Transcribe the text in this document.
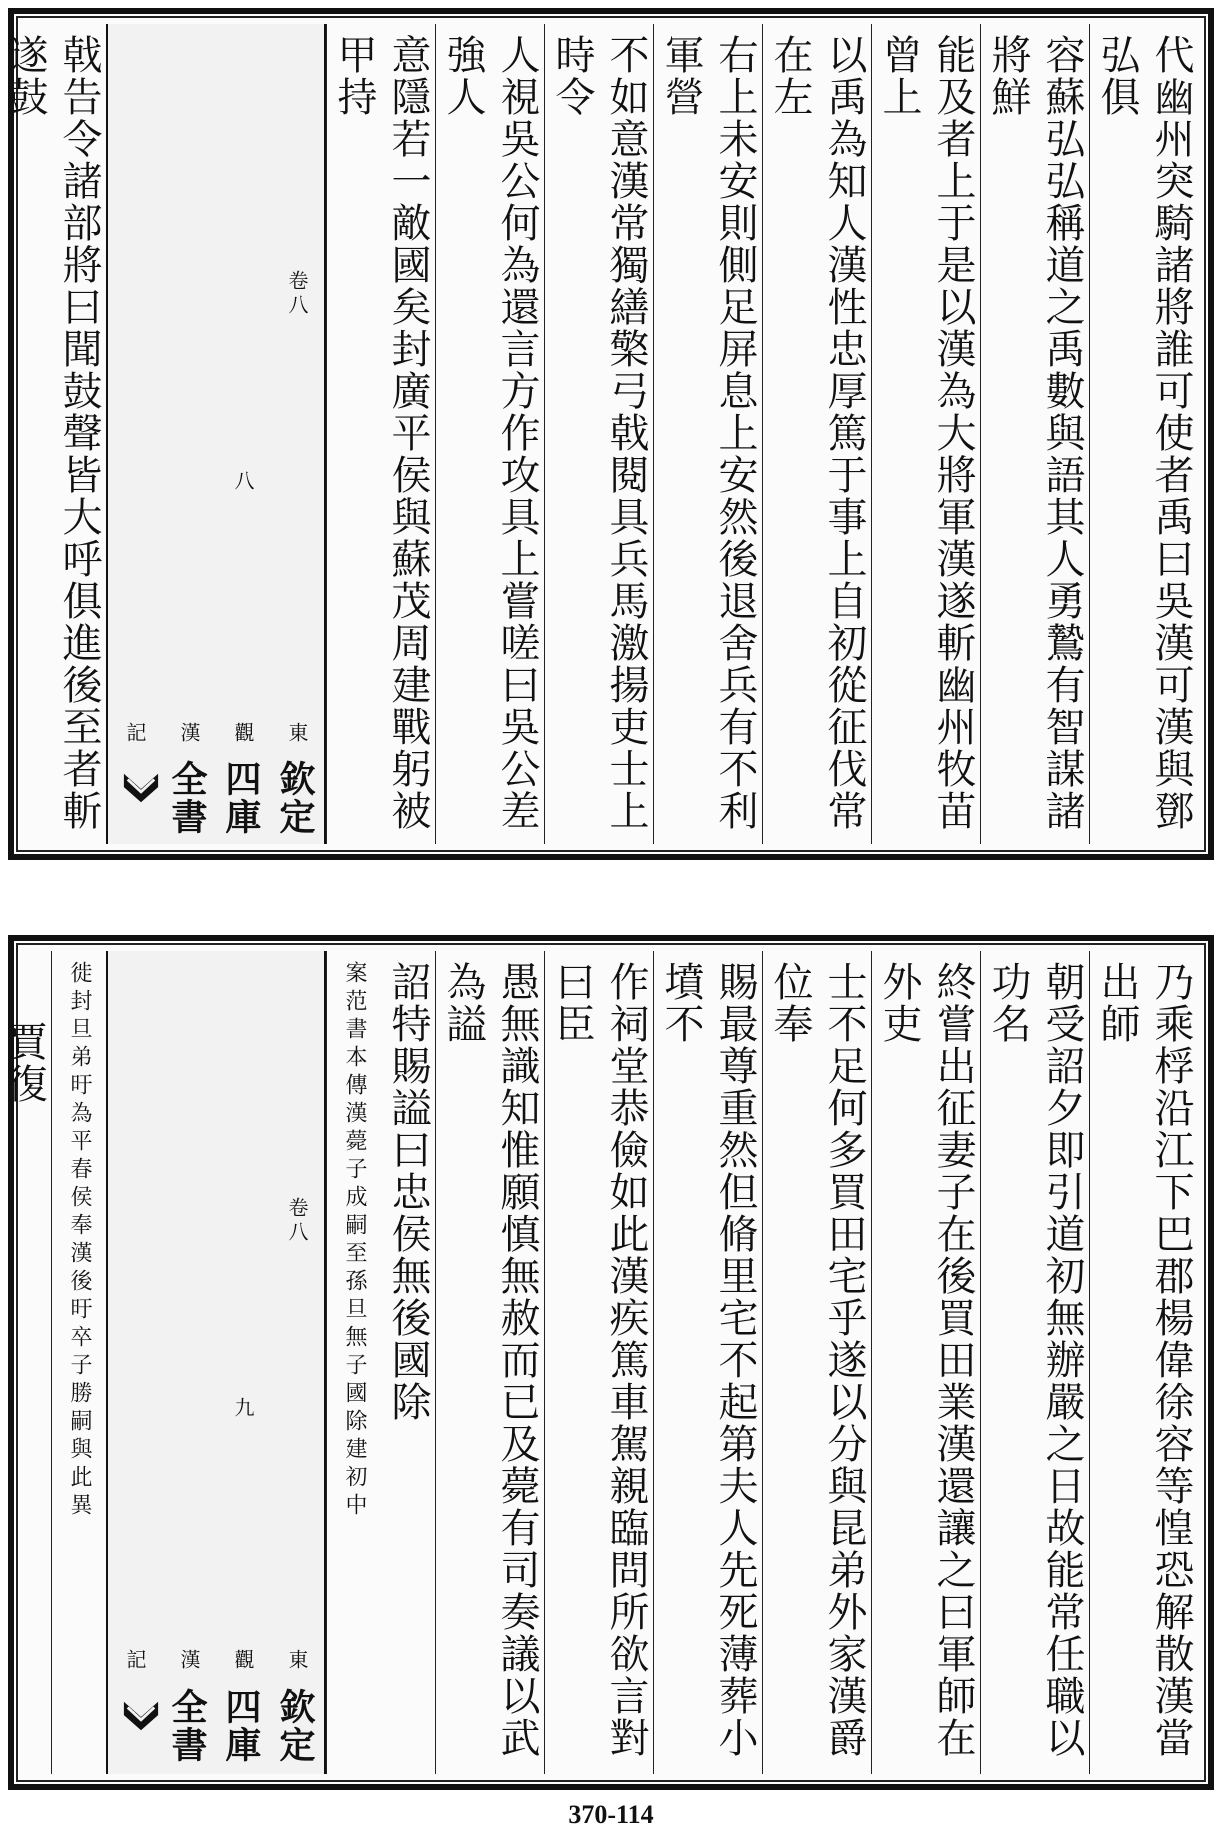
代幽州突騎諸將誰可使者禹曰吳漢可漢與鄧弘俱
容蘇弘弘稱道之禹數與語其人勇鷙有智謀諸將鮮
能及者上于是以漢為大將軍漢遂斬幽州牧苗曾上
以禹為知人漢性忠厚篤于事上自初從征伐常在左
右上未安則側足屏息上安然後退舍兵有不利軍營
不如意漢常獨繕檠弓戟閱具兵馬激揚吏士上時令
人視吳公何為還言方作攻具上嘗嗟曰吳公差強人
意隱若一敵國矣封廣平侯與蘇茂周建戰躬被甲持
欽定四庫全書
東觀漢記
卷八 八
戟告令諸部將曰聞鼓聲皆大呼俱進後至者斬遂鼓
乃乘桴沿江下巴郡楊偉徐容等惶恐解散漢當出師
朝受詔夕即引道初無辦嚴之日故能常任職以功名
終嘗出征妻子在後買田業漢還讓之曰軍師在外吏
士不足何多買田宅乎遂以分與昆弟外家漢爵位奉
賜最尊重然但脩里宅不起第夫人先死薄葬小墳不
作祠堂恭儉如此漢疾篤車駕親臨問所欲言對曰臣
愚無識知惟願慎無赦而已及薨有司奏議以武為謚
詔特賜謚曰忠侯無後國除案范書本傳漢薨子成嗣至孫旦無子國除建初中
欽定四庫全書
東觀漢記
卷八 九
徙封旦弟旴為平春侯奉漢後旴卒子勝嗣與此異
賈復
370-114
